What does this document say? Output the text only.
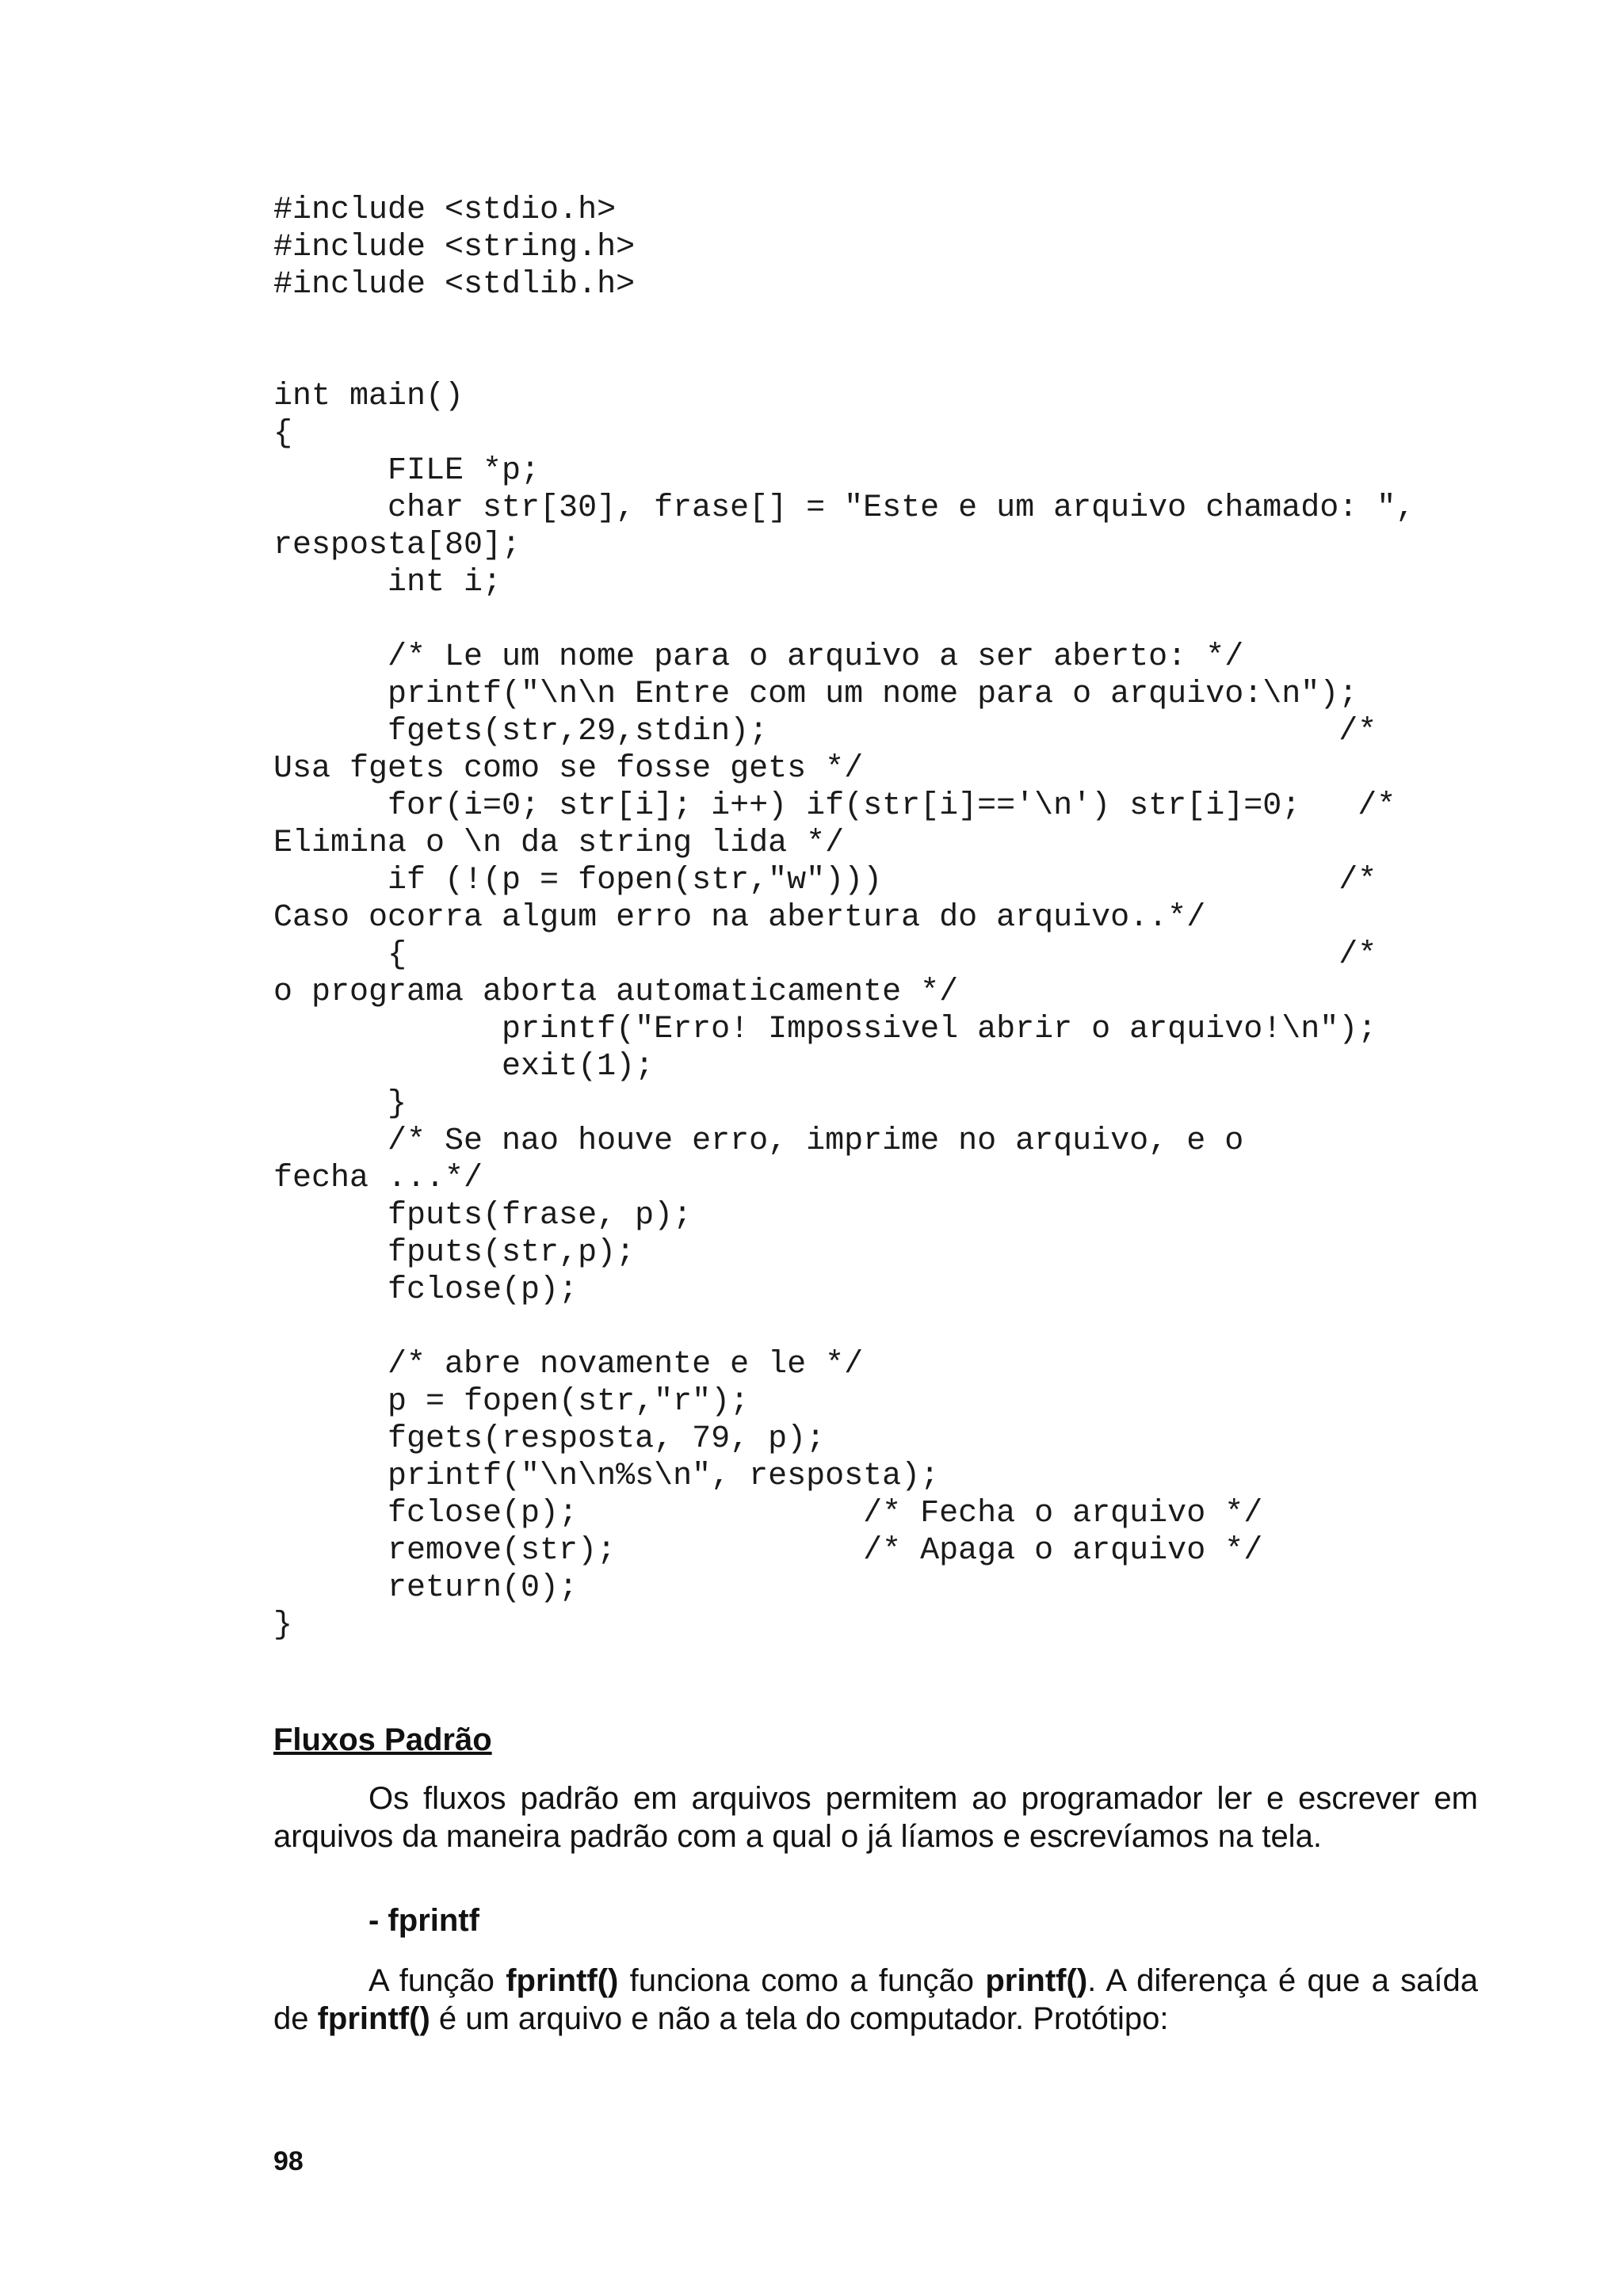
#include <stdio.h>
#include <string.h>
#include <stdlib.h>
int main()
{
FILE *p;
char str[30], frase[] = "Este e um arquivo chamado: ",
resposta[80];
int i;
/* Le um nome para o arquivo a ser aberto: */
printf("\n\n Entre com um nome para o arquivo:\n");
fgets(str,29,stdin);                              /*
Usa fgets como se fosse gets */
for(i=0; str[i]; i++) if(str[i]=='\n') str[i]=0;   /*
Elimina o \n da string lida */
if (!(p = fopen(str,"w")))                        /*
Caso ocorra algum erro na abertura do arquivo..*/
{                                                 /*
o programa aborta automaticamente */
printf("Erro! Impossivel abrir o arquivo!\n");
exit(1);
}
/* Se nao houve erro, imprime no arquivo, e o
fecha ...*/
fputs(frase, p);
fputs(str,p);
fclose(p);
/* abre novamente e le */
p = fopen(str,"r");
fgets(resposta, 79, p);
printf("\n\n%s\n", resposta);
fclose(p);               /* Fecha o arquivo */
remove(str);             /* Apaga o arquivo */
return(0);
}
Fluxos Padrão
Os fluxos padrão em arquivos permitem ao programador ler e escrever em arquivos da maneira padrão com a qual o já líamos e escrevíamos na tela.
- fprintf
A função fprintf() funciona como a função printf(). A diferença é que a saída de fprintf() é um arquivo e não a tela do computador. Protótipo:
98
